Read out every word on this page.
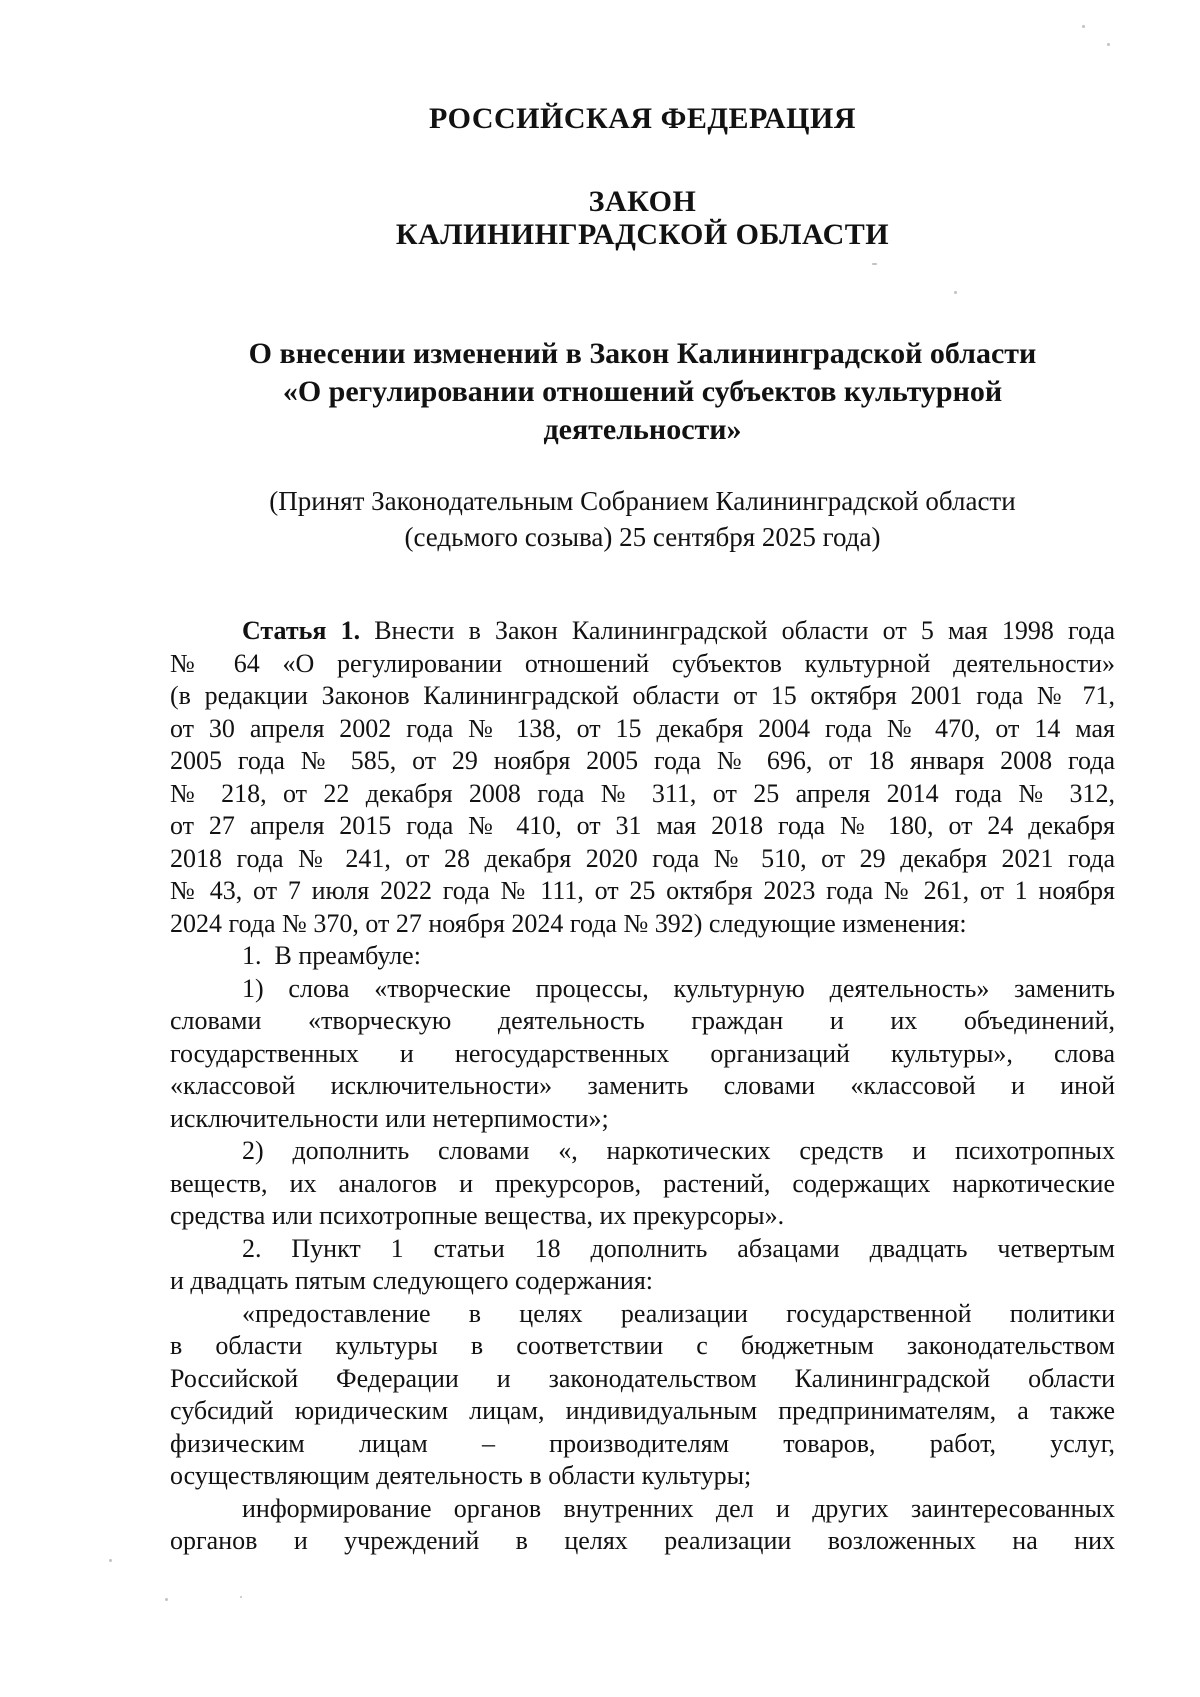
РОССИЙСКАЯ ФЕДЕРАЦИЯ
ЗАКОН
КАЛИНИНГРАДСКОЙ ОБЛАСТИ
О внесении изменений в Закон Калининградской области
«О регулировании отношений субъектов культурной
деятельности»
(Принят Законодательным Собранием Калининградской области
(седьмого созыва) 25 сентября 2025 года)
Статья 1. Внести в Закон Калининградской области от 5 мая 1998 года
№ 64 «О регулировании отношений субъектов культурной деятельности»
(в редакции Законов Калининградской области от 15 октября 2001 года № 71,
от 30 апреля 2002 года № 138, от 15 декабря 2004 года № 470, от 14 мая
2005 года № 585, от 29 ноября 2005 года № 696, от 18 января 2008 года
№ 218, от 22 декабря 2008 года № 311, от 25 апреля 2014 года № 312,
от 27 апреля 2015 года № 410, от 31 мая 2018 года № 180, от 24 декабря
2018 года № 241, от 28 декабря 2020 года № 510, от 29 декабря 2021 года
№ 43, от 7 июля 2022 года № 111, от 25 октября 2023 года № 261, от 1 ноября
2024 года № 370, от 27 ноября 2024 года № 392) следующие изменения:
1.  В преамбуле:
1) слова «творческие процессы, культурную деятельность» заменить
словами «творческую деятельность граждан и их объединений,
государственных и негосударственных организаций культуры», слова
«классовой исключительности» заменить словами «классовой и иной
исключительности или нетерпимости»;
2) дополнить словами «, наркотических средств и психотропных
веществ, их аналогов и прекурсоров, растений, содержащих наркотические
средства или психотропные вещества, их прекурсоры».
2. Пункт 1 статьи 18 дополнить абзацами двадцать четвертым
и двадцать пятым следующего содержания:
«предоставление в целях реализации государственной политики
в области культуры в соответствии с бюджетным законодательством
Российской Федерации и законодательством Калининградской области
субсидий юридическим лицам, индивидуальным предпринимателям, а также
физическим лицам – производителям товаров, работ, услуг,
осуществляющим деятельность в области культуры;
информирование органов внутренних дел и других заинтересованных
органов и учреждений в целях реализации возложенных на них
